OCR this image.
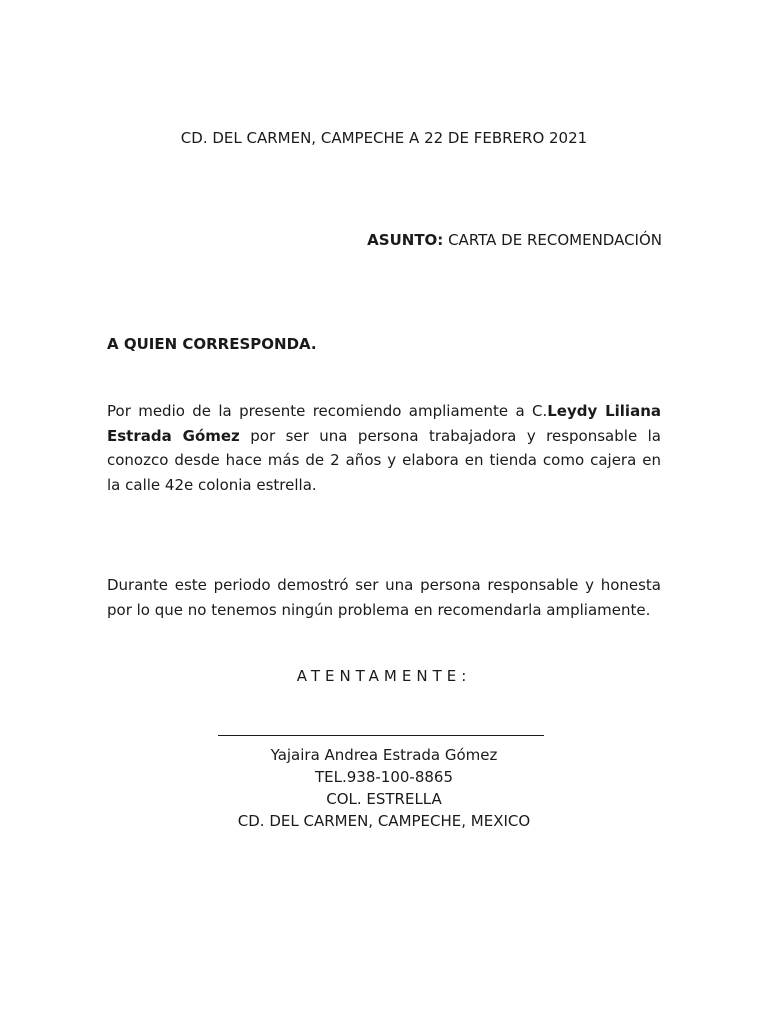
CD. DEL CARMEN, CAMPECHE A 22 DE FEBRERO 2021
ASUNTO: CARTA DE RECOMENDACIÓN
A QUIEN CORRESPONDA.
Por medio de la presente recomiendo ampliamente a C.Leydy Liliana Estrada Gómez por ser una persona trabajadora y responsable la conozco desde hace más de 2 años y elabora en tienda como cajera en la calle 42e colonia estrella.
Durante este periodo demostró ser una persona responsable y honesta por lo que no tenemos ningún problema en recomendarla ampliamente.
ATENTAMENTE:
Yajaira Andrea Estrada Gómez
TEL.938-100-8865
COL. ESTRELLA
CD. DEL CARMEN, CAMPECHE, MEXICO
